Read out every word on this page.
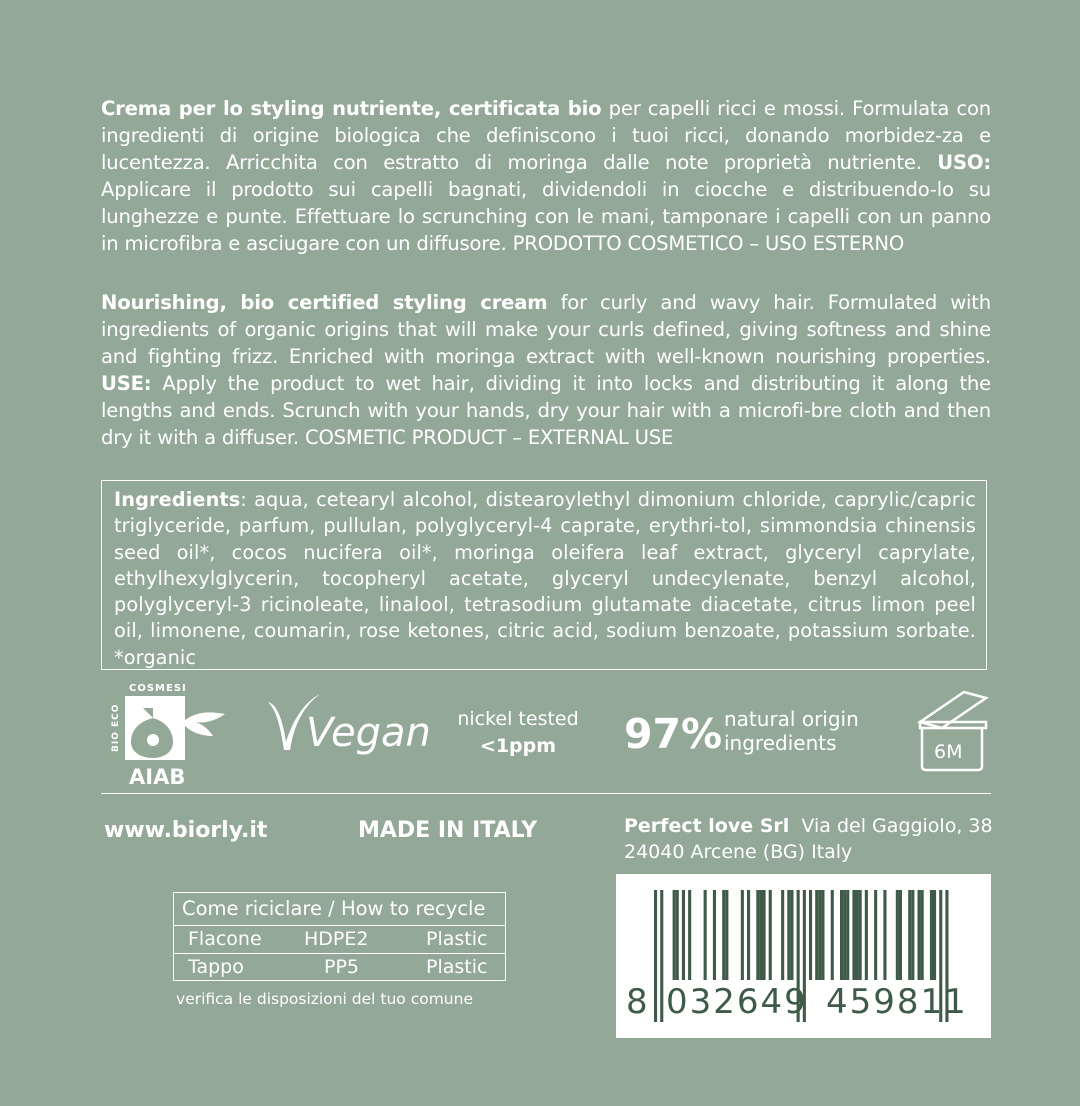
Crema per lo styling nutriente, certificata bio per capelli ricci e mossi. Formulata con ingredienti di origine biologica che definiscono i tuoi ricci, donando morbidez-za e lucentezza. Arricchita con estratto di moringa dalle note proprietà nutriente. USO: Applicare il prodotto sui capelli bagnati, dividendoli in ciocche e distribuendo-lo su lunghezze e punte. Effettuare lo scrunching con le mani, tamponare i capelli con un panno in microfibra e asciugare con un diffusore. PRODOTTO COSMETICO – USO ESTERNO
Nourishing, bio certified styling cream for curly and wavy hair. Formulated with ingredients of organic origins that will make your curls defined, giving softness and shine and fighting frizz. Enriched with moringa extract with well-known nourishing properties. USE: Apply the product to wet hair, dividing it into locks and distributing it along the lengths and ends. Scrunch with your hands, dry your hair with a microfi-bre cloth and then dry it with a diffuser. COSMETIC PRODUCT – EXTERNAL USE
Ingredients: aqua, cetearyl alcohol, distearoylethyl dimonium chloride, caprylic/capric triglyceride, parfum, pullulan, polyglyceryl-4 caprate, erythri-tol, simmondsia chinensis seed oil*, cocos nucifera oil*, moringa oleifera leaf extract, glyceryl caprylate, ethylhexylglycerin, tocopheryl acetate, glyceryl undecylenate, benzyl alcohol, polyglyceryl-3 ricinoleate, linalool, tetrasodium glutamate diacetate, citrus limon peel oil, limonene, coumarin, rose ketones, citric acid, sodium benzoate, potassium sorbate. *organic
COSMESI
BIO ECO
AIAB
Vegan	nickel tested
<1ppm	97% natural origin
ingredients	6M
www.biorly.it	MADE IN ITALY	Perfect love Srl Via del Gaggiolo, 38
24040 Arcene (BG) Italy
Come riciclare / How to recycle
Flacone HDPE2	Plastic
Tappo	PP5	Plastic
verifica le disposizioni del tuo comune	8 032649 459811
